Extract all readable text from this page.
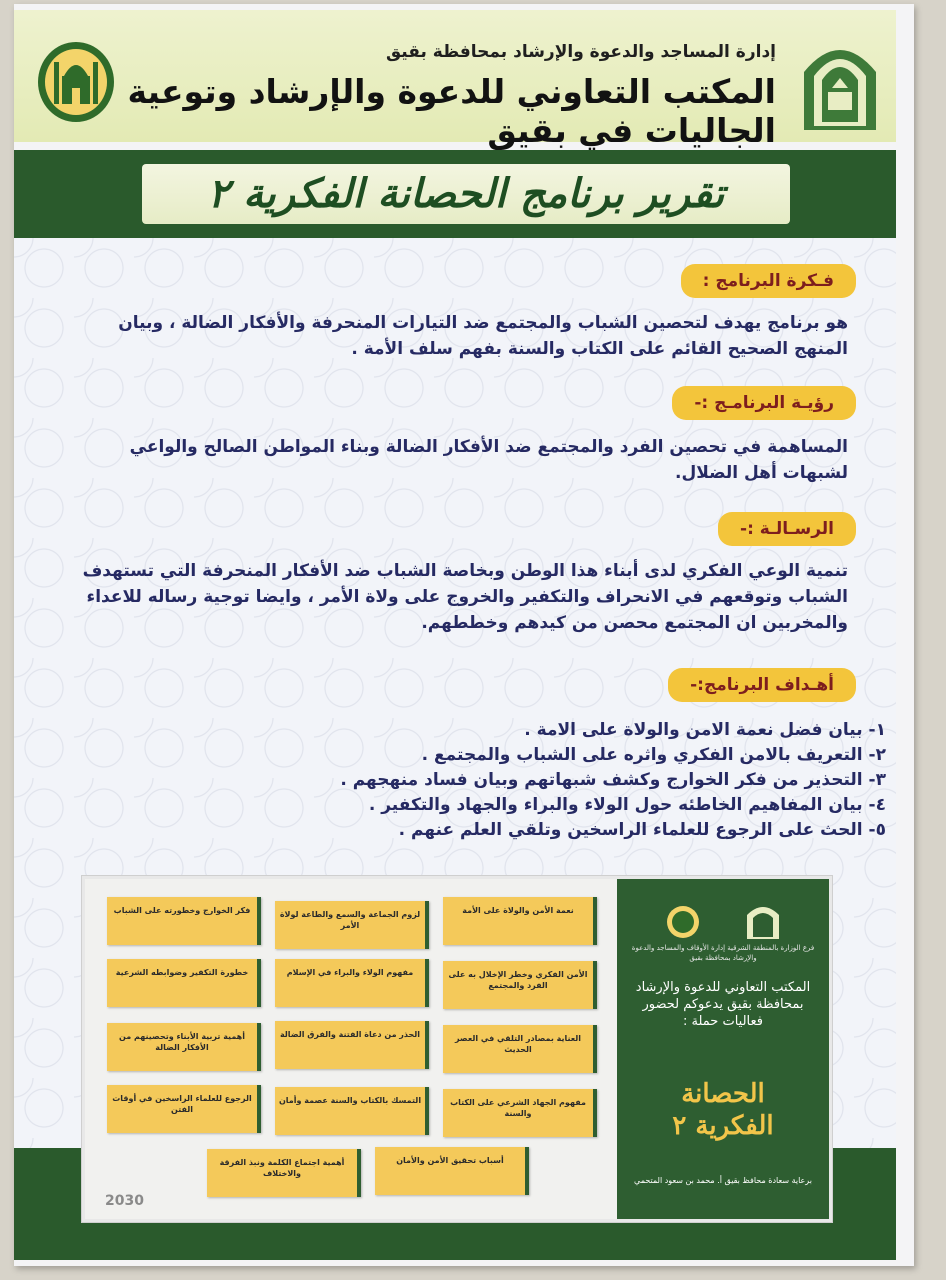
إدارة المساجد والدعوة والإرشاد بمحافظة بقيق
المكتب التعاوني للدعوة والإرشاد وتوعية الجاليات في بقيق
تقرير برنامج الحصانة الفكرية ٢
فـكرة البرنامج :
هو برنامج يهدف لتحصين الشباب والمجتمع ضد التيارات المنحرفة والأفكار الضالة ، وبيان المنهج الصحيح القائم على الكتاب والسنة بفهم سلف الأمة .
رؤيـة البرنامـج :-
المساهمة في تحصين الفرد والمجتمع ضد الأفكار الضالة وبناء المواطن الصالح والواعي لشبهات أهل الضلال.
الرسـالـة :-
تنمية الوعي الفكري لدى أبناء هذا الوطن وبخاصة الشباب ضد الأفكار المنحرفة التي تستهدف الشباب وتوقعهم في الانحراف والتكفير والخروج على ولاة الأمر ، وايضا توجية رساله للاعداء والمخربين ان المجتمع محصن من كيدهم وخططهم.
أهـداف البرنامج:-
١- بيان فضل نعمة الامن والولاة على الامة .
٢- التعريف بالامن الفكري واثره على الشباب والمجتمع .
٣- التحذير من فكر الخوارج وكشف شبهاتهم وبيان فساد منهجهم .
٤- بيان المفاهيم الخاطئه حول الولاء والبراء والجهاد والتكفير .
٥- الحث على الرجوع للعلماء الراسخين وتلقي العلم عنهم .
نعمة الأمن والولاة على الأمة
لزوم الجماعة والسمع والطاعة لولاة الأمر
فكر الخوارج وخطورته على الشباب
الأمن الفكري وخطر الإخلال به على الفرد والمجتمع
مفهوم الولاء والبراء في الإسلام
خطورة التكفير وضوابطه الشرعية
العناية بمصادر التلقي في العصر الحديث
الحذر من دعاة الفتنة والفرق الضالة
أهمية تربية الأبناء وتحصينهم من الأفكار الضالة
مفهوم الجهاد الشرعي على الكتاب والسنة
التمسك بالكتاب والسنة عصمة وأمان
الرجوع للعلماء الراسخين في أوقات الفتن
أسباب تحقيق الأمن والأمان
أهمية اجتماع الكلمة ونبذ الفرقة والاختلاف
2030
فرع الوزارة بالمنطقة الشرقية إدارة الأوقاف والمساجد والدعوة والإرشاد بمحافظة بقيق
المكتب التعاوني للدعوة والإرشاد بمحافظة بقيق يدعوكم لحضور فعاليات حملة :
الحصانة
الفكرية ٢
برعاية سعادة محافظ بقيق أ. محمد بن سعود المتحمي
